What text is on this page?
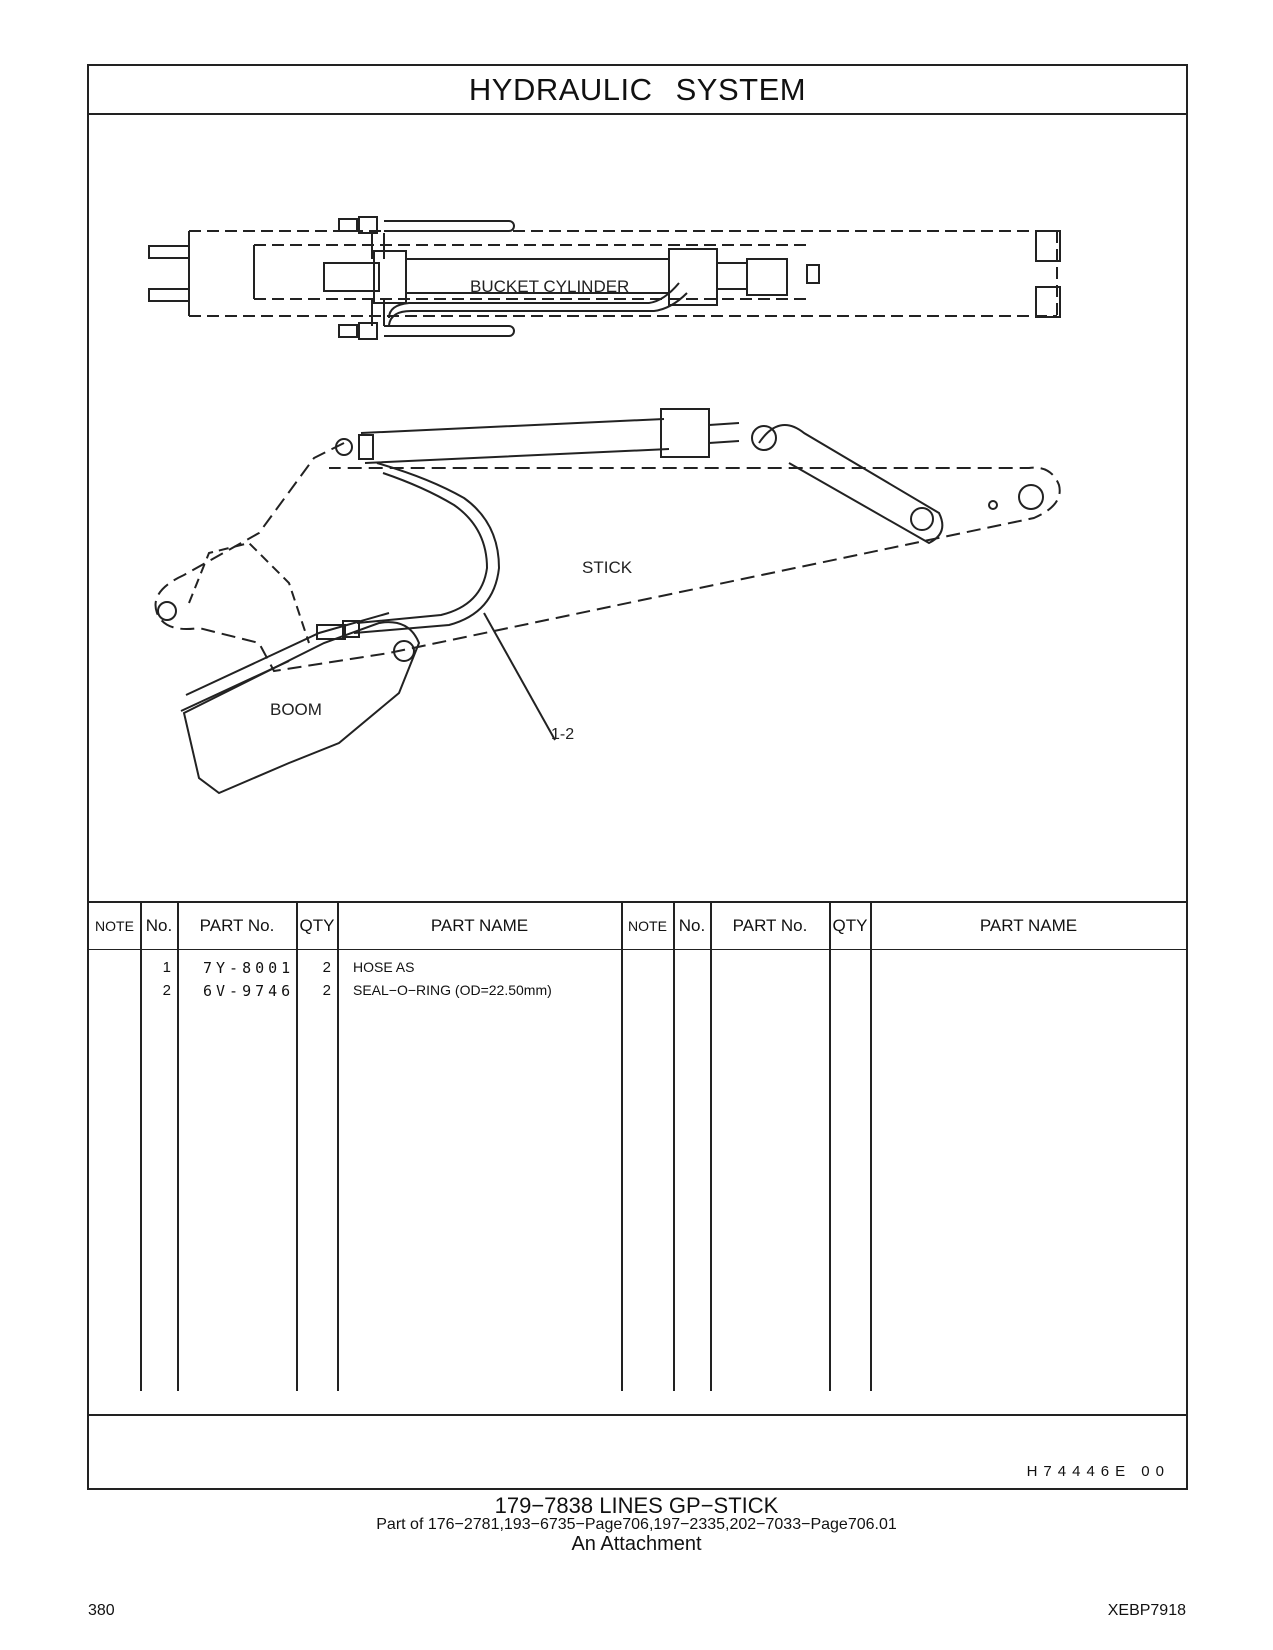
HYDRAULIC SYSTEM
BUCKET CYLINDER
STICK
BOOM
1-2
NOTE No.	PART No.	QTY	PART NAME	NOTE No.	PART No.	QTY	PART NAME
1 7Y-8001	2 HOSE AS
2 6V-9746	2 SEAL−O−RING (OD=22.50mm)
H74446E 00
179−7838 LINES GP−STICK
Part of 176−2781,193−6735−Page706,197−2335,202−7033−Page706.01
An Attachment
380	XEBP7918
